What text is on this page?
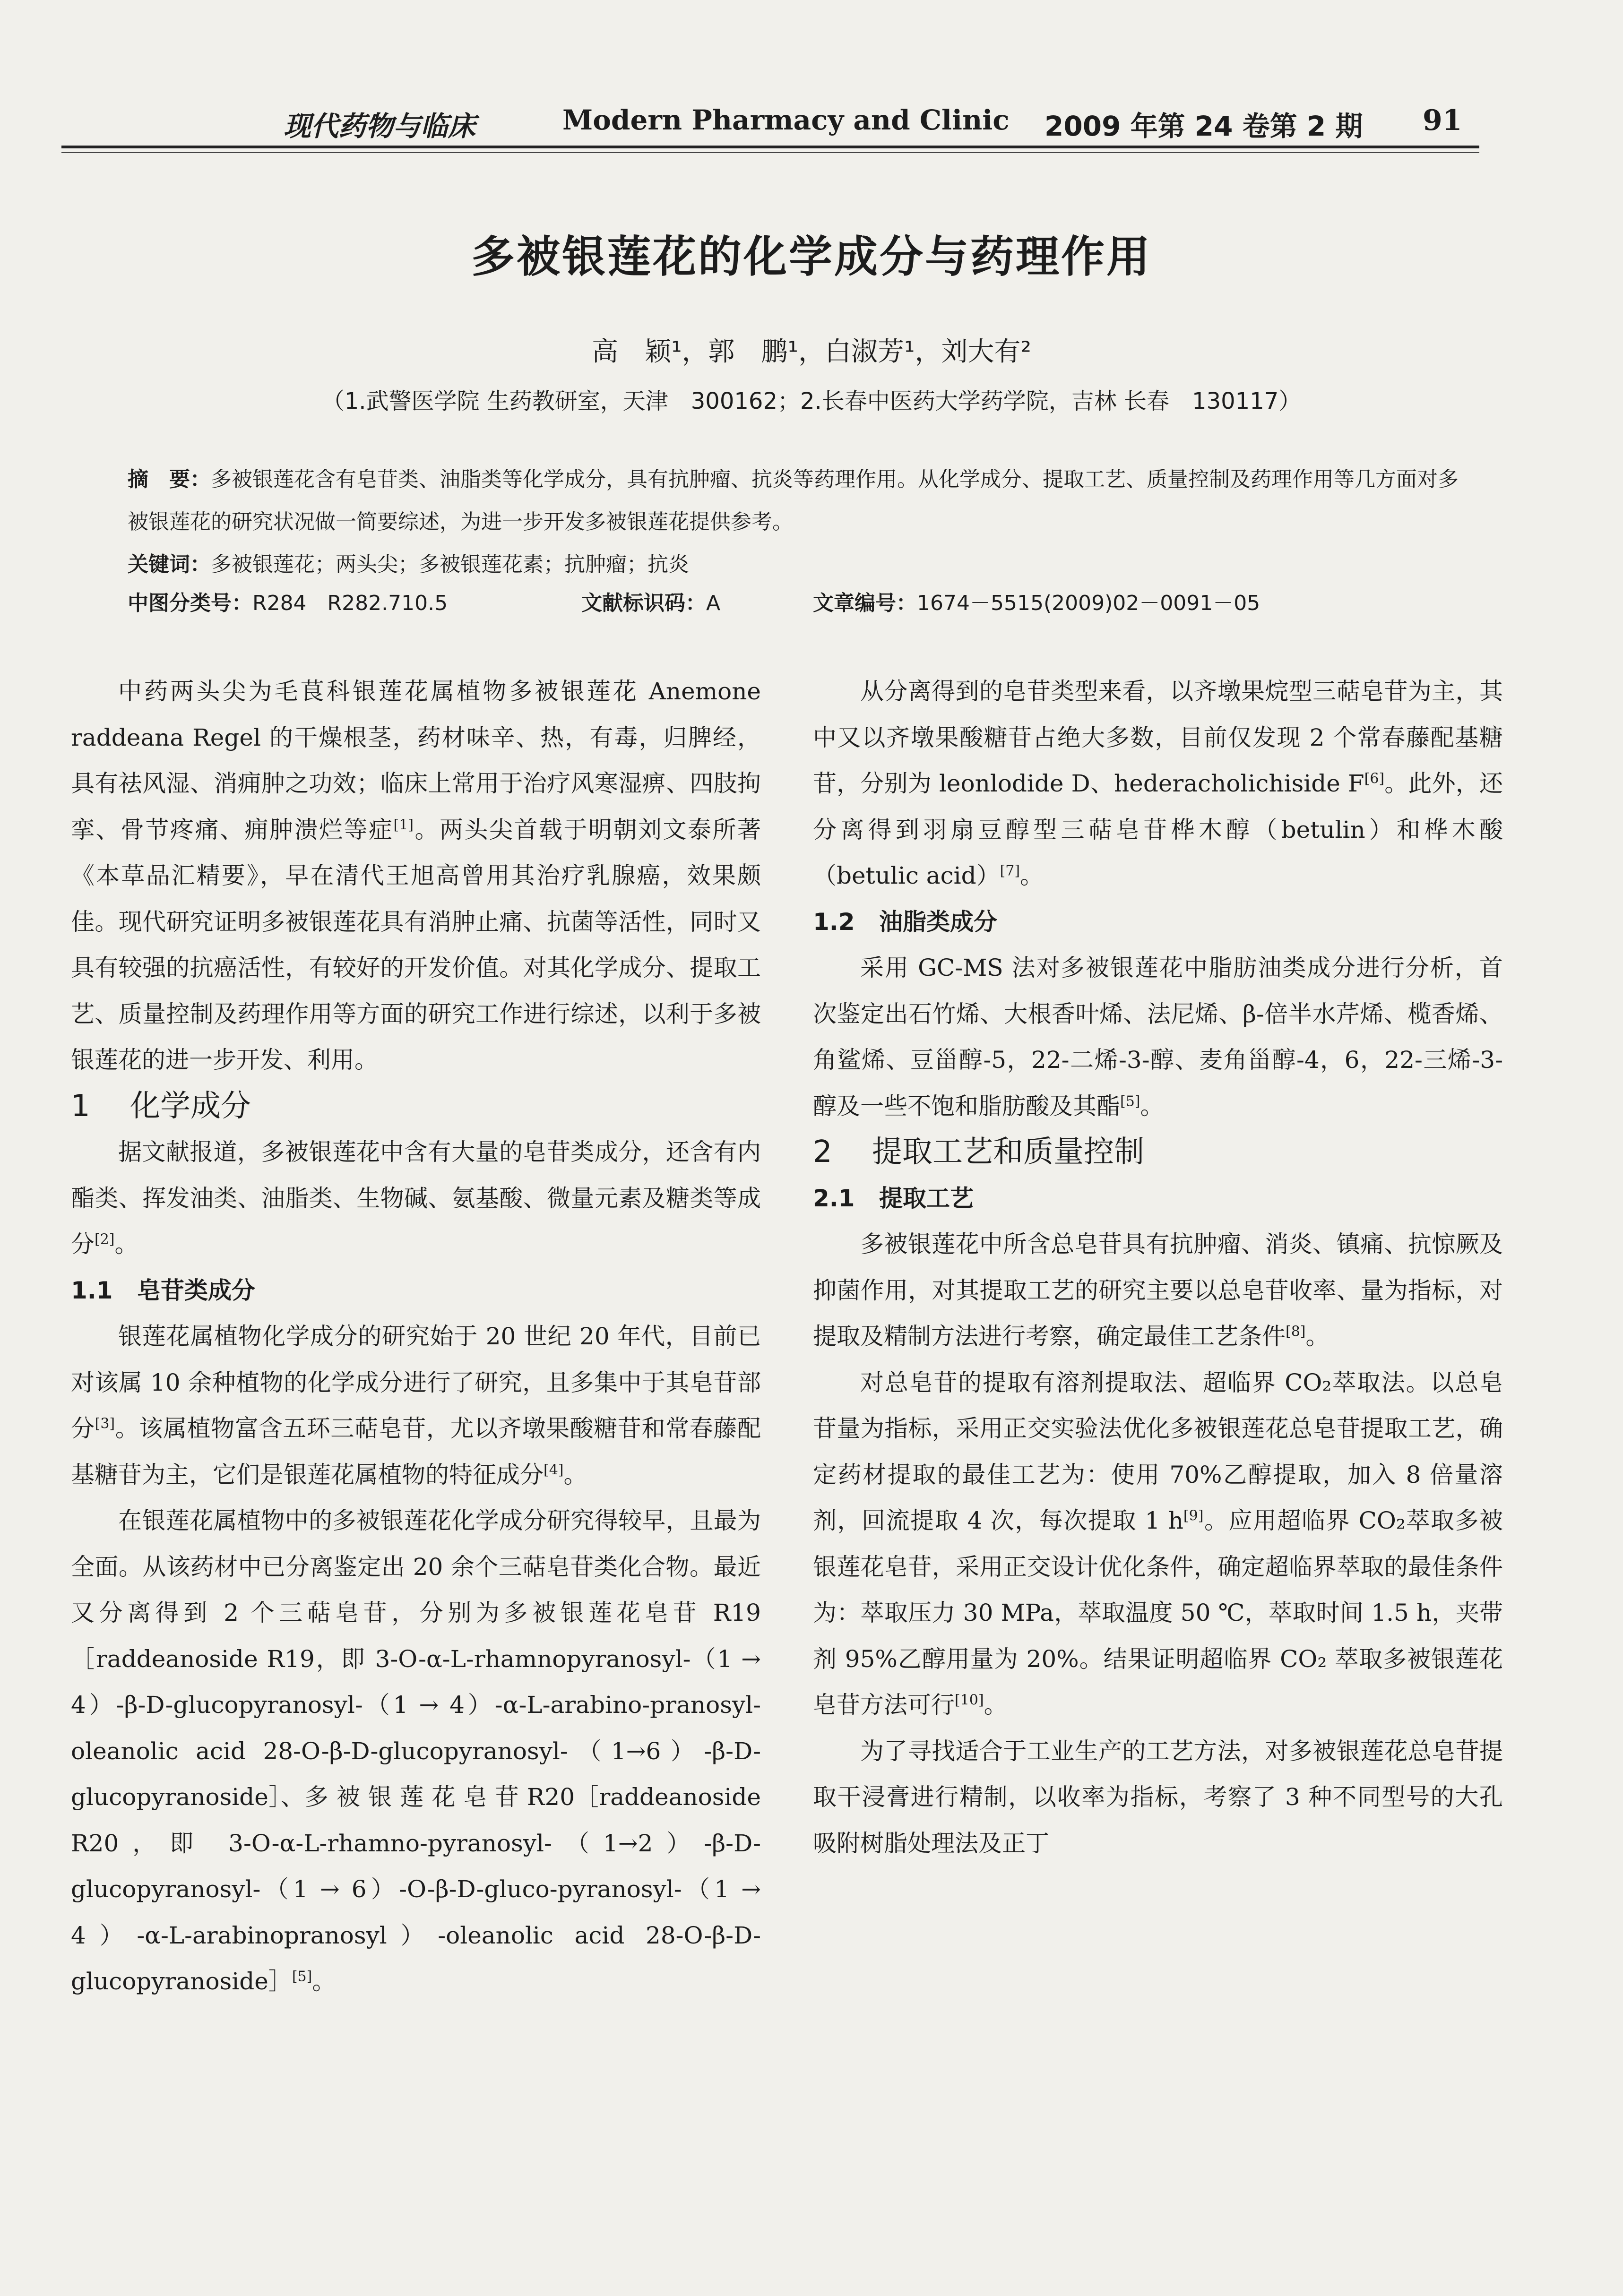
现代药物与临床	Modern Pharmacy and Clinic 2009 年第 24 卷第 2 期 91
多被银莲花的化学成分与药理作用
高　颖¹，郭　鹏¹，白淑芳¹，刘大有²
（1.武警医学院 生药教研室，天津　300162；2.长春中医药大学药学院，吉林 长春　130117）
摘　要：多被银莲花含有皂苷类、油脂类等化学成分，具有抗肿瘤、抗炎等药理作用。从化学成分、提取工艺、质量控制及药理作用等几方面对多被银莲花的研究状况做一简要综述，为进一步开发多被银莲花提供参考。
关键词：多被银莲花；两头尖；多被银莲花素；抗肿瘤；抗炎
中图分类号：R284　R282.710.5	文献标识码：A	文章编号：1674－5515(2009)02－0091－05

中药两头尖为毛茛科银莲花属植物多被银莲花 Anemone raddeana Regel 的干燥根茎，药材味辛、热，有毒，归脾经，具有祛风湿、消痈肿之功效；临床上常用于治疗风寒湿痹、四肢拘挛、骨节疼痛、痈肿溃烂等症[1]。两头尖首载于明朝刘文泰所著《本草品汇精要》，早在清代王旭高曾用其治疗乳腺癌，效果颇佳。现代研究证明多被银莲花具有消肿止痛、抗菌等活性，同时又具有较强的抗癌活性，有较好的开发价值。对其化学成分、提取工艺、质量控制及药理作用等方面的研究工作进行综述，以利于多被银莲花的进一步开发、利用。

1 化学成分

据文献报道，多被银莲花中含有大量的皂苷类成分，还含有内酯类、挥发油类、油脂类、生物碱、氨基酸、微量元素及糖类等成分[2]。

1.1 皂苷类成分

银莲花属植物化学成分的研究始于 20 世纪 20 年代，目前已对该属 10 余种植物的化学成分进行了研究，且多集中于其皂苷部分[3]。该属植物富含五环三萜皂苷，尤以齐墩果酸糖苷和常春藤配基糖苷为主，它们是银莲花属植物的特征成分[4]。

在银莲花属植物中的多被银莲花化学成分研究得较早，且最为全面。从该药材中已分离鉴定出 20 余个三萜皂苷类化合物。最近又分离得到 2 个三萜皂苷，分别为多被银莲花皂苷 R19［raddeanoside R19，即 3-O-α-L-rhamnopyranosyl-（1 → 4）-β-D-glucopyranosyl-（1 → 4）-α-L-arabino-pranosyl-oleanolic acid 28-O-β-D-glucopyranosyl-（1→6）-β-D-glucopyranoside］、多 被 银 莲 花 皂 苷 R20［raddeanoside R20，即 3-O-α-L-rhamno-pyranosyl-（1→2）-β-D-glucopyranosyl-（1 → 6）-O-β-D-gluco-pyranosyl-（1 → 4）-α-L-arabinopranosyl）-oleanolic acid 28-O-β-D-glucopyranoside］[5]。

从分离得到的皂苷类型来看，以齐墩果烷型三萜皂苷为主，其中又以齐墩果酸糖苷占绝大多数，目前仅发现 2 个常春藤配基糖苷，分别为 leonlodide D、hederacholichiside F[6]。此外，还分离得到羽扇豆醇型三萜皂苷桦木醇（betulin）和桦木酸（betulic acid）[7]。

1.2 油脂类成分

采用 GC-MS 法对多被银莲花中脂肪油类成分进行分析，首次鉴定出石竹烯、大根香叶烯、法尼烯、β-倍半水芹烯、榄香烯、角鲨烯、豆甾醇-5，22-二烯-3-醇、麦角甾醇-4，6，22-三烯-3-醇及一些不饱和脂肪酸及其酯[5]。

2 提取工艺和质量控制

2.1 提取工艺

多被银莲花中所含总皂苷具有抗肿瘤、消炎、镇痛、抗惊厥及抑菌作用，对其提取工艺的研究主要以总皂苷收率、量为指标，对提取及精制方法进行考察，确定最佳工艺条件[8]。

对总皂苷的提取有溶剂提取法、超临界 CO₂萃取法。以总皂苷量为指标，采用正交实验法优化多被银莲花总皂苷提取工艺，确定药材提取的最佳工艺为：使用 70%乙醇提取，加入 8 倍量溶剂，回流提取 4 次，每次提取 1 h[9]。应用超临界 CO₂萃取多被银莲花皂苷，采用正交设计优化条件，确定超临界萃取的最佳条件为：萃取压力 30 MPa，萃取温度 50 ℃，萃取时间 1.5 h，夹带剂 95%乙醇用量为 20%。结果证明超临界 CO₂ 萃取多被银莲花皂苷方法可行[10]。

为了寻找适合于工业生产的工艺方法，对多被银莲花总皂苷提取干浸膏进行精制，以收率为指标，考察了 3 种不同型号的大孔吸附树脂处理法及正丁
